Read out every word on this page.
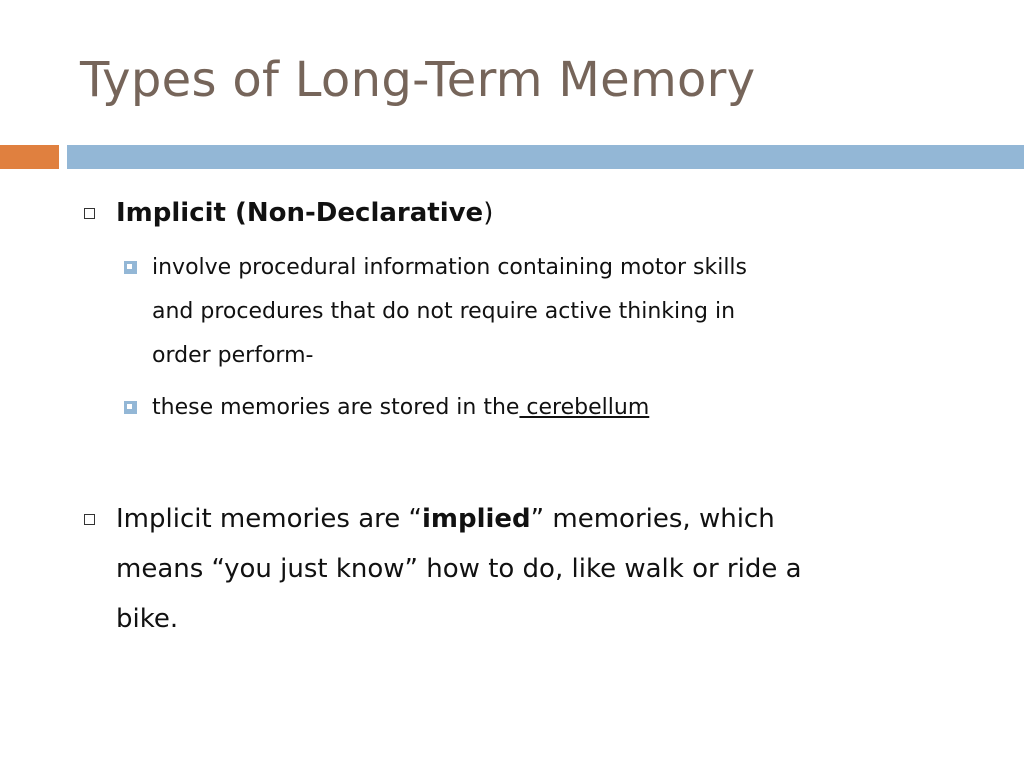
Types of Long-Term Memory
Implicit (Non-Declarative)
involve procedural information containing motor skills
and procedures that do not require active thinking in
order perform-
these memories are stored in the cerebellum
Implicit memories are “implied” memories, which
means “you just know” how to do, like walk or ride a
bike.
